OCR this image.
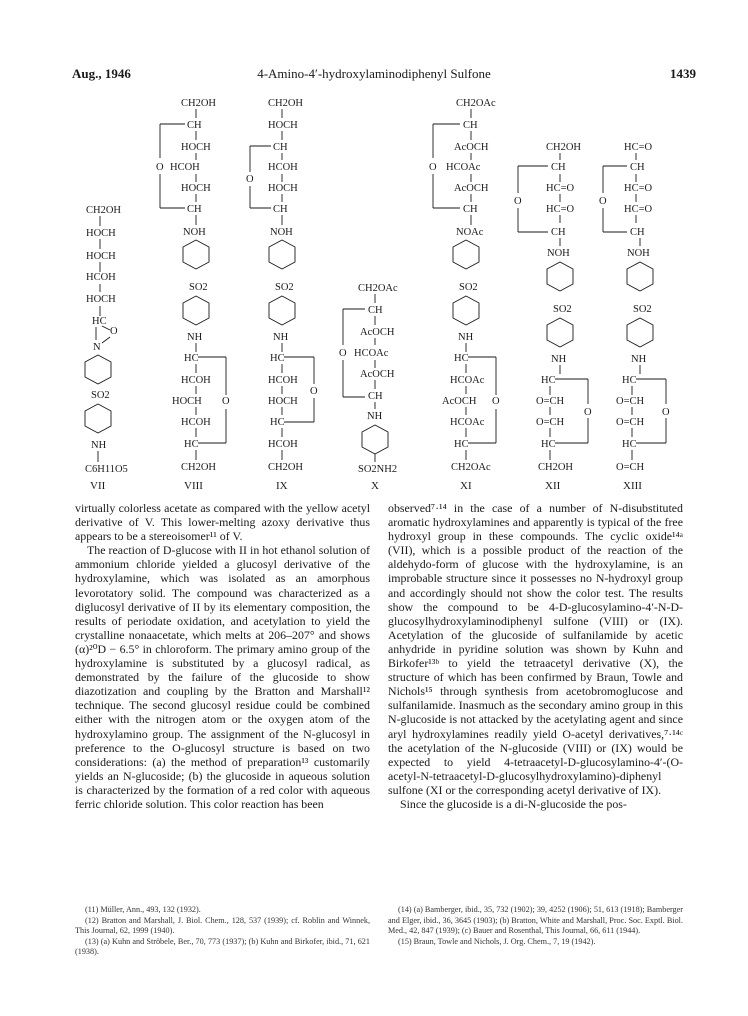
Aug., 1946	4-Amino-4′-hydroxylaminodiphenyl Sulfone	1439
CH2OH
HOCH
HOCH
HCOH
HOCH
HC
O
N
SO2
NH
C6H11O5
VII
CH2OH
CH
HOCH
O HCOH
HOCH
CH
NOH
SO2
NH
HC
HCOH
HOCH O
HCOH
HC
CH2OH
VIII
CH2OH
HOCH
CH
HCOH
O
HOCH
CH
NOH
SO2
NH
HC
HCOH
O
HOCH
HC
HCOH
CH2OH
IX
CH2OAc
CH
AcOCH
O HCOAc
AcOCH
CH
NH
SO2NH2
X
CH2OAc
CH
AcOCH
O HCOAc
AcOCH
CH
NOAc
SO2
NH
HC
HCOAc
AcOCH O
HCOAc
HC
CH2OAc
XI
CH2OH
CH
HC=O
O
HC=O
CH
NOH
SO2
NH
HC
O=CH
O
O=CH
HC
CH2OH
XII
HC=O
CH
HC=O
O
HC=O
CH
NOH
SO2
NH
HC
O=CH
O
O=CH
HC
O=CH
XIII

virtually colorless acetate as compared with the yellow acetyl derivative of V. This lower-melting azoxy derivative thus appears to be a stereoisomer¹¹ of V.

The reaction of D-glucose with II in hot ethanol solution of ammonium chloride yielded a glucosyl derivative of the hydroxylamine, which was isolated as an amorphous levorotatory solid. The compound was characterized as a diglucosyl derivative of II by its elementary composition, the results of periodate oxidation, and acetylation to yield the crystalline nonaacetate, which melts at 206–207° and shows (α)²⁰D − 6.5° in chloroform. The primary amino group of the hydroxylamine is substituted by a glucosyl radical, as demonstrated by the failure of the glucoside to show diazotization and coupling by the Bratton and Marshall¹² technique. The second glucosyl residue could be combined either with the nitrogen atom or the oxygen atom of the hydroxylamino group. The assignment of the N-glucosyl in preference to the O-glucosyl structure is based on two considerations: (a) the method of preparation¹³ customarily yields an N-glucoside; (b) the glucoside in aqueous solution is characterized by the formation of a red color with aqueous ferric chloride solution. This color reaction has been

observed⁷·¹⁴ in the case of a number of N-disubstituted aromatic hydroxylamines and apparently is typical of the free hydroxyl group in these compounds. The cyclic oxide¹⁴ᵃ (VII), which is a possible product of the reaction of the aldehydo-form of glucose with the hydroxylamine, is an improbable structure since it possesses no N-hydroxyl group and accordingly should not show the color test. The results show the compound to be 4-D-glucosylamino-4′-N-D-glucosylhydroxylaminodiphenyl sulfone (VIII) or (IX). Acetylation of the glucoside of sulfanilamide by acetic anhydride in pyridine solution was shown by Kuhn and Birkofer¹³ᵇ to yield the tetraacetyl derivative (X), the structure of which has been confirmed by Braun, Towle and Nichols¹⁵ through synthesis from acetobromoglucose and sulfanilamide. Inasmuch as the secondary amino group in this N-glucoside is not attacked by the acetylating agent and since aryl hydroxylamines readily yield O-acetyl derivatives,⁷·¹⁴ᶜ the acetylation of the N-glucoside (VIII) or (IX) would be expected to yield 4-tetraacetyl-D-glucosylamino-4′-(O-acetyl-N-tetraacetyl-D-glucosylhydroxylamino)-diphenyl sulfone (XI or the corresponding acetyl derivative of IX).

Since the glucoside is a di-N-glucoside the pos-

(11) Müller, Ann., 493, 132 (1932).

(12) Bratton and Marshall, J. Biol. Chem., 128, 537 (1939); cf. Roblin and Winnek, This Journal, 62, 1999 (1940).

(13) (a) Kuhn and Ströbele, Ber., 70, 773 (1937); (b) Kuhn and Birkofer, ibid., 71, 621 (1938).

(14) (a) Bamberger, ibid., 35, 732 (1902); 39, 4252 (1906); 51, 613 (1918); Bamberger and Elger, ibid., 36, 3645 (1903); (b) Bratton, White and Marshall, Proc. Soc. Exptl. Biol. Med., 42, 847 (1939); (c) Bauer and Rosenthal, This Journal, 66, 611 (1944).

(15) Braun, Towle and Nichols, J. Org. Chem., 7, 19 (1942).
